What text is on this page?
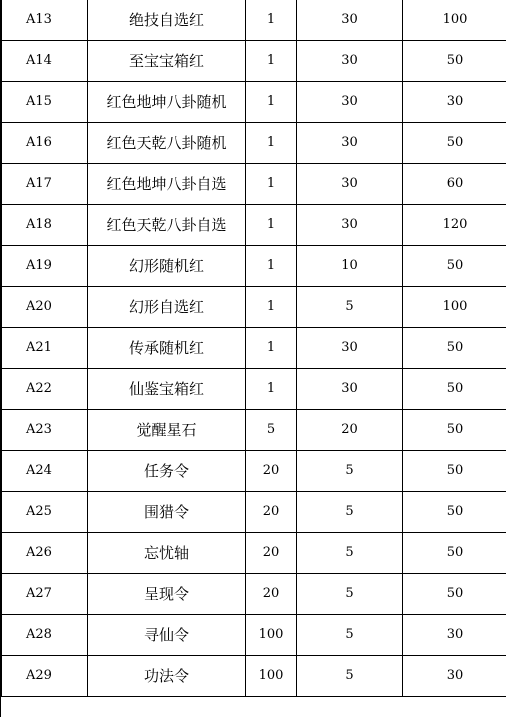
A13	绝技自选红	1	30	100
A14	至宝宝箱红	1	30	50
A15	红色地坤八卦随机	1	30	30
A16	红色天乾八卦随机	1	30	50
A17	红色地坤八卦自选	1	30	60
A18	红色天乾八卦自选	1	30	120
A19	幻形随机红	1	10	50
A20	幻形自选红	1	5	100
A21	传承随机红	1	30	50
A22	仙鉴宝箱红	1	30	50
A23	觉醒星石	5	20	50
A24	任务令	20	5	50
A25	围猎令	20	5	50
A26	忘忧轴	20	5	50
A27	呈现令	20	5	50
A28	寻仙令	100	5	30
A29	功法令	100	5	30
